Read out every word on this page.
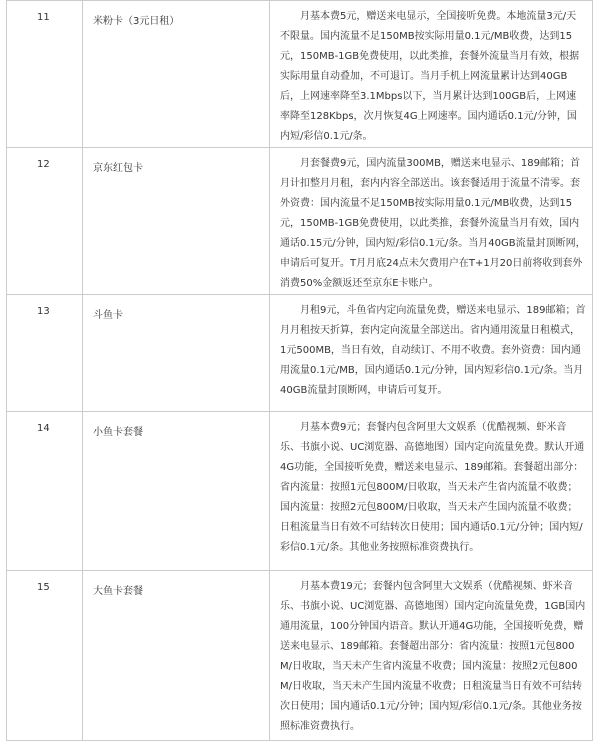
11	米粉卡（3元日租）	月基本费5元，赠送来电显示，全国接听免费。本地流量3元/天不限量。国内流量不足150MB按实际用量0.1元/MB收费，达到15元，150MB-1GB免费使用，以此类推，套餐外流量当月有效，根据实际用量自动叠加，不可退订。当月手机上网流量累计达到40GB后，上网速率降至3.1Mbps以下，当月累计达到100GB后，上网速率降至128Kbps，次月恢复4G上网速率。国内通话0.1元/分钟，国内短/彩信0.1元/条。
12	京东红包卡	月套餐费9元，国内流量300MB，赠送来电显示、189邮箱；首月计扣整月月租，套内内容全部送出。该套餐适用于流量不清零。套外资费：国内流量不足150MB按实际用量0.1元/MB收费，达到15元，150MB-1GB免费使用，以此类推，套餐外流量当月有效，国内通话0.15元/分钟，国内短/彩信0.1元/条。当月40GB流量封顶断网，申请后可复开。T月月底24点未欠费用户在T+1月20日前将收到套外消费50%金额返还至京东E卡账户。
13	斗鱼卡	月租9元，斗鱼省内定向流量免费，赠送来电显示、189邮箱；首月月租按天折算，套内定向流量全部送出。省内通用流量日租模式，1元500MB，当日有效，自动续订、不用不收费。套外资费：国内通用流量0.1元/MB，国内通话0.1元/分钟，国内短彩信0.1元/条。当月40GB流量封顶断网，申请后可复开。
14	小鱼卡套餐	月基本费9元；套餐内包含阿里大文娱系（优酷视频、虾米音乐、书旗小说、UC浏览器、高德地图）国内定向流量免费。默认开通4G功能，全国接听免费，赠送来电显示、189邮箱。套餐超出部分：省内流量：按照1元包800M/日收取，当天未产生省内流量不收费；国内流量：按照2元包800M/日收取，当天未产生国内流量不收费；日租流量当日有效不可结转次日使用；国内通话0.1元/分钟；国内短/彩信0.1元/条。其他业务按照标准资费执行。
15	大鱼卡套餐	月基本费19元；套餐内包含阿里大文娱系（优酷视频、虾米音乐、书旗小说、UC浏览器、高德地图）国内定向流量免费，1GB国内通用流量，100分钟国内语音。默认开通4G功能，全国接听免费，赠送来电显示、189邮箱。套餐超出部分：省内流量：按照1元包800M/日收取，当天未产生省内流量不收费；国内流量：按照2元包800M/日收取，当天未产生国内流量不收费；日租流量当日有效不可结转次日使用；国内通话0.1元/分钟；国内短/彩信0.1元/条。其他业务按照标准资费执行。
